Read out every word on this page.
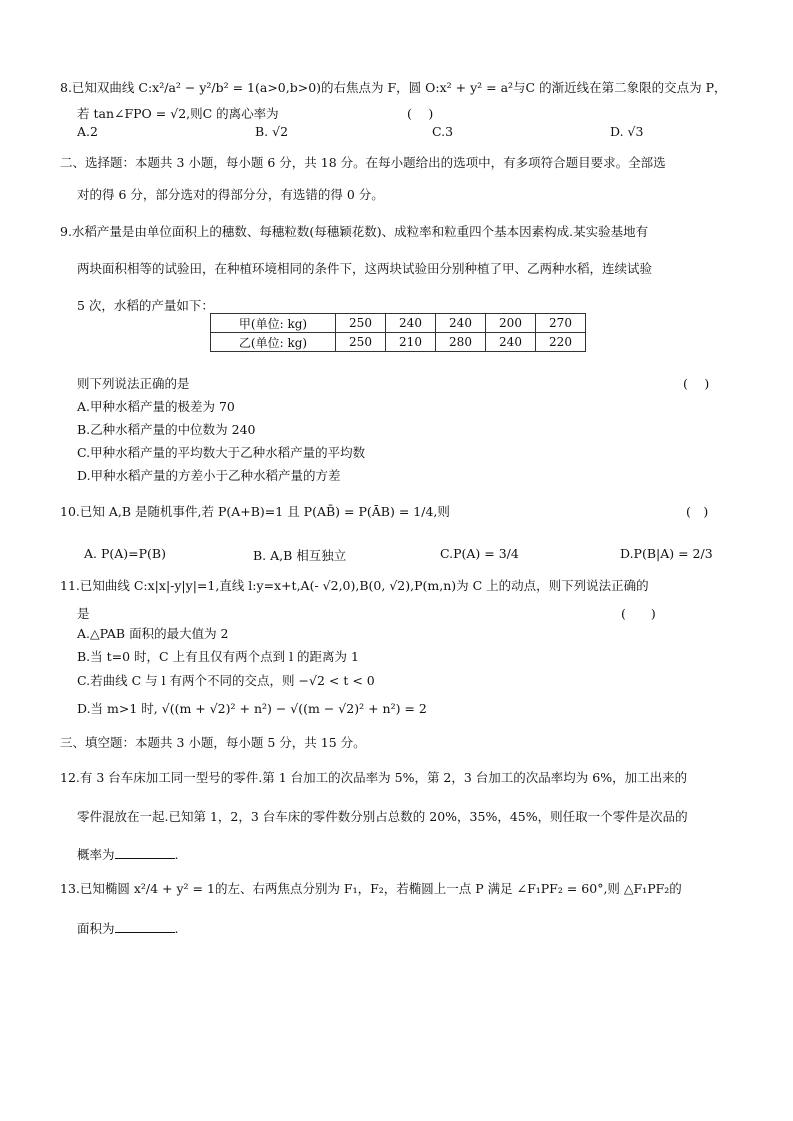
8.已知双曲线 C:x²/a² − y²/b² = 1(a>0,b>0)的右焦点为 F，圆 O:x² + y² = a²与C 的渐近线在第二象限的交点为 P，
若 tan∠FPO = √2,则C 的离心率为	(　 )
A.2	B. √2	C.3	D. √3
二、选择题：本题共 3 小题，每小题 6 分，共 18 分。在每小题给出的选项中，有多项符合题目要求。全部选
对的得 6 分，部分选对的得部分分，有选错的得 0 分。
9.水稻产量是由单位面积上的穗数、每穗粒数(每穗颖花数)、成粒率和粒重四个基本因素构成.某实验基地有
两块面积相等的试验田，在种植环境相同的条件下，这两块试验田分别种植了甲、乙两种水稻，连续试验
5 次，水稻的产量如下：
甲(单位: kg)	250	240	240	200	270
乙(单位: kg)	250	210	280	240	220
则下列说法正确的是	(　 )
A.甲种水稻产量的极差为 70
B.乙种水稻产量的中位数为 240
C.甲种水稻产量的平均数大于乙种水稻产量的平均数
D.甲种水稻产量的方差小于乙种水稻产量的方差
10.已知 A,B 是随机事件,若 P(A+B)=1 且 P(AB̄) = P(ĀB) = 1/4,则	(　)
A. P(A)=P(B)	B. A,B 相互独立	C.P(A) = 3/4	D.P(B|A) = 2/3
11.已知曲线 C:x|x|-y|y|=1,直线 l:y=x+t,A(- √2,0),B(0, √2),P(m,n)为 C 上的动点，则下列说法正确的
是	(　　)
A.△PAB 面积的最大值为 2
B.当 t=0 时，C 上有且仅有两个点到 l 的距离为 1
C.若曲线 C 与 l 有两个不同的交点，则 −√2 < t < 0
D.当 m>1 时, √((m + √2)² + n²) − √((m − √2)² + n²) = 2
三、填空题：本题共 3 小题，每小题 5 分，共 15 分。
12.有 3 台车床加工同一型号的零件.第 1 台加工的次品率为 5%，第 2，3 台加工的次品率均为 6%，加工出来的
零件混放在一起.已知第 1，2，3 台车床的零件数分别占总数的 20%，35%，45%，则任取一个零件是次品的
概率为	.
13.已知椭圆 x²/4 + y² = 1的左、右两焦点分别为 F₁，F₂，若椭圆上一点 P 满足 ∠F₁PF₂ = 60°,则 △F₁PF₂的
面积为	.
